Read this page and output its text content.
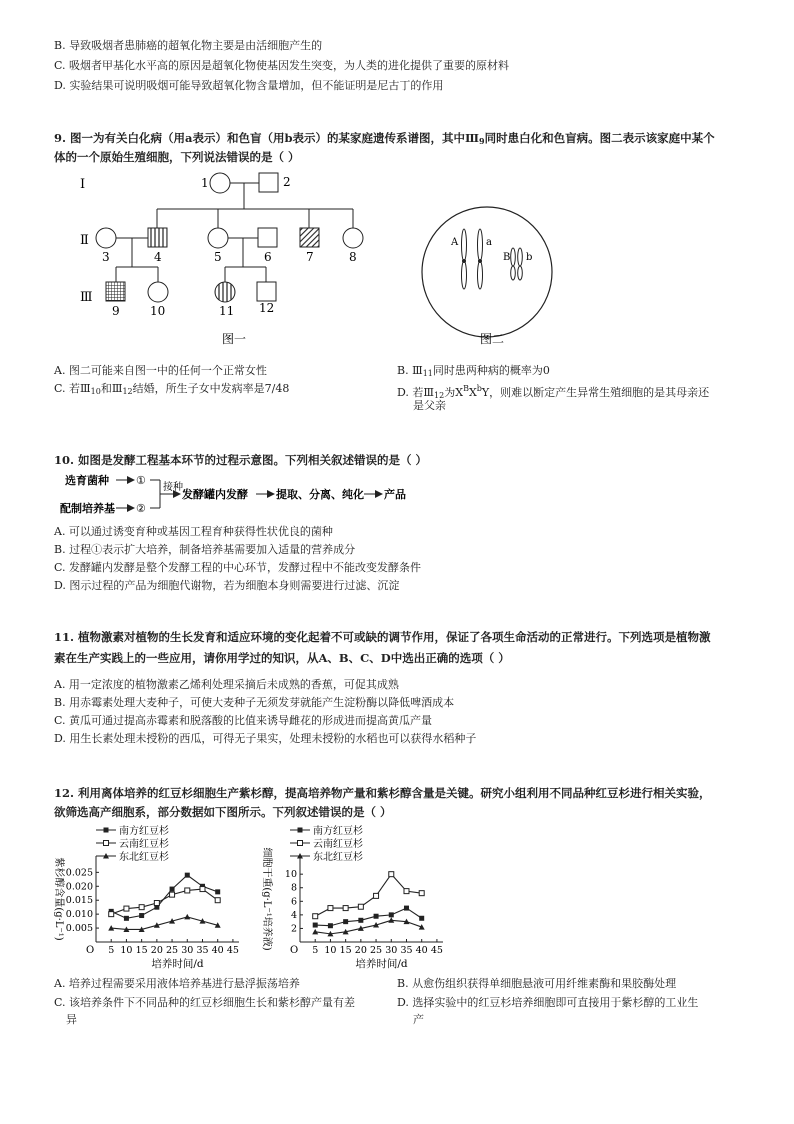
B. 导致吸烟者患肺癌的超氧化物主要是由活细胞产生的
C. 吸烟者甲基化水平高的原因是超氧化物使基因发生突变，为人类的进化提供了重要的原材料
D. 实验结果可说明吸烟可能导致超氧化物含量增加，但不能证明是尼古丁的作用
9. 图一为有关白化病（用a表示）和色盲（用b表示）的某家庭遗传系谱图，其中$Ⅲ_9$同时患白化和色盲病。图二表示该家庭中某个
体的一个原始生殖细胞，下列说法错误的是（ ）
Ⅰ
Ⅱ
Ⅲ
1	2
3	4	5	6	7	8
9	10	11 12
图一
A	a
B b
图二
A. 图二可能来自图一中的任何一个正常女性	B. $Ⅲ_{11}$同时患两种病的概率为0
C. 若$Ⅲ_{10}$和$Ⅲ_{12}$结婚，所生子女中发病率是7/48	D. 若$Ⅲ_{12}$为$X^BX^bY$，则难以断定产生异常生殖细胞的是其母亲还
是父亲
10. 如图是发酵工程基本环节的过程示意图。下列相关叙述错误的是（ ）
选育菌种
配制培养基
①
②
接种
发酵罐内发酵	提取、分离、纯化 产品
A. 可以通过诱变育种或基因工程育种获得性状优良的菌种
B. 过程①表示扩大培养，制备培养基需要加入适量的营养成分
C. 发酵罐内发酵是整个发酵工程的中心环节，发酵过程中不能改变发酵条件
D. 图示过程的产品为细胞代谢物，若为细胞本身则需要进行过滤、沉淀
11. 植物激素对植物的生长发育和适应环境的变化起着不可或缺的调节作用，保证了各项生命活动的正常进行。下列选项是植物激
素在生产实践上的一些应用，请你用学过的知识，从A、B、C、D中选出正确的选项（ ）
A. 用一定浓度的植物激素乙烯利处理采摘后未成熟的香蕉，可促其成熟
B. 用赤霉素处理大麦种子，可使大麦种子无须发芽就能产生淀粉酶以降低啤酒成本
C. 黄瓜可通过提高赤霉素和脱落酸的比值来诱导雌花的形成进而提高黄瓜产量
D. 用生长素处理未授粉的西瓜，可得无子果实，处理未授粉的水稻也可以获得水稻种子
12. 利用离体培养的红豆杉细胞生产紫杉醇，提高培养物产量和紫杉醇含量是关键。研究小组利用不同品种红豆杉进行相关实验，
欲筛选高产细胞系，部分数据如下图所示。下列叙述错误的是（ ）
O 5 10 15 20 25 30 35 40 45
0.005
0.010
0.015
0.020
0.025
培养时间/d
紫杉醇含量(g·L⁻¹)
南方红豆杉
云南红豆杉
东北红豆杉
O 5 10 15 20 25 30 35 40 45
2
4
6
8
10
培养时间/d
细胞干重(g·L⁻¹培养液)
南方红豆杉
云南红豆杉
东北红豆杉
A. 培养过程需要采用液体培养基进行悬浮振荡培养	B. 从愈伤组织获得单细胞悬液可用纤维素酶和果胶酶处理
C. 该培养条件下不同品种的红豆杉细胞生长和紫杉醇产量有差	D. 选择实验中的红豆杉培养细胞即可直接用于紫杉醇的工业生
异	产
